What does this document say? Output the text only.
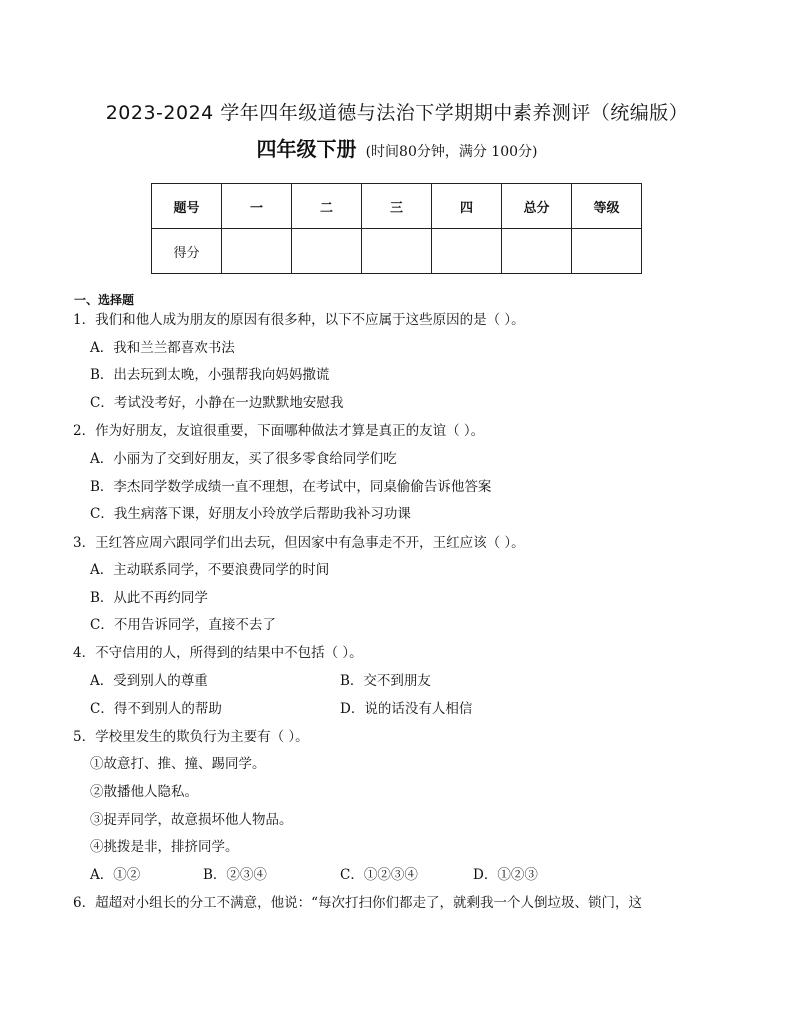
2023-2024 学年四年级道德与法治下学期期中素养测评（统编版）
四年级下册 (时间80分钟，满分 100分)
题号	一	二	三	四	总分	等级
得分						
一、选择题
1．我们和他人成为朋友的原因有很多种，以下不应属于这些原因的是（ ）。
A．我和兰兰都喜欢书法
B．出去玩到太晚，小强帮我向妈妈撒谎
C．考试没考好，小静在一边默默地安慰我
2．作为好朋友，友谊很重要，下面哪种做法才算是真正的友谊（ ）。
A．小丽为了交到好朋友，买了很多零食给同学们吃
B．李杰同学数学成绩一直不理想，在考试中，同桌偷偷告诉他答案
C．我生病落下课，好朋友小玲放学后帮助我补习功课
3．王红答应周六跟同学们出去玩，但因家中有急事走不开，王红应该（ ）。
A．主动联系同学，不要浪费同学的时间
B．从此不再约同学
C．不用告诉同学，直接不去了
4．不守信用的人，所得到的结果中不包括（ ）。
A．受到别人的尊重	B．交不到朋友
C．得不到别人的帮助	D．说的话没有人相信
5．学校里发生的欺负行为主要有（ ）。
①故意打、推、撞、踢同学。
②散播他人隐私。
③捉弄同学，故意损坏他人物品。
④挑拨是非，排挤同学。
A．①②	B．②③④	C．①②③④	D．①②③
6．超超对小组长的分工不满意，他说：“每次打扫你们都走了，就剩我一个人倒垃圾、锁门，这
